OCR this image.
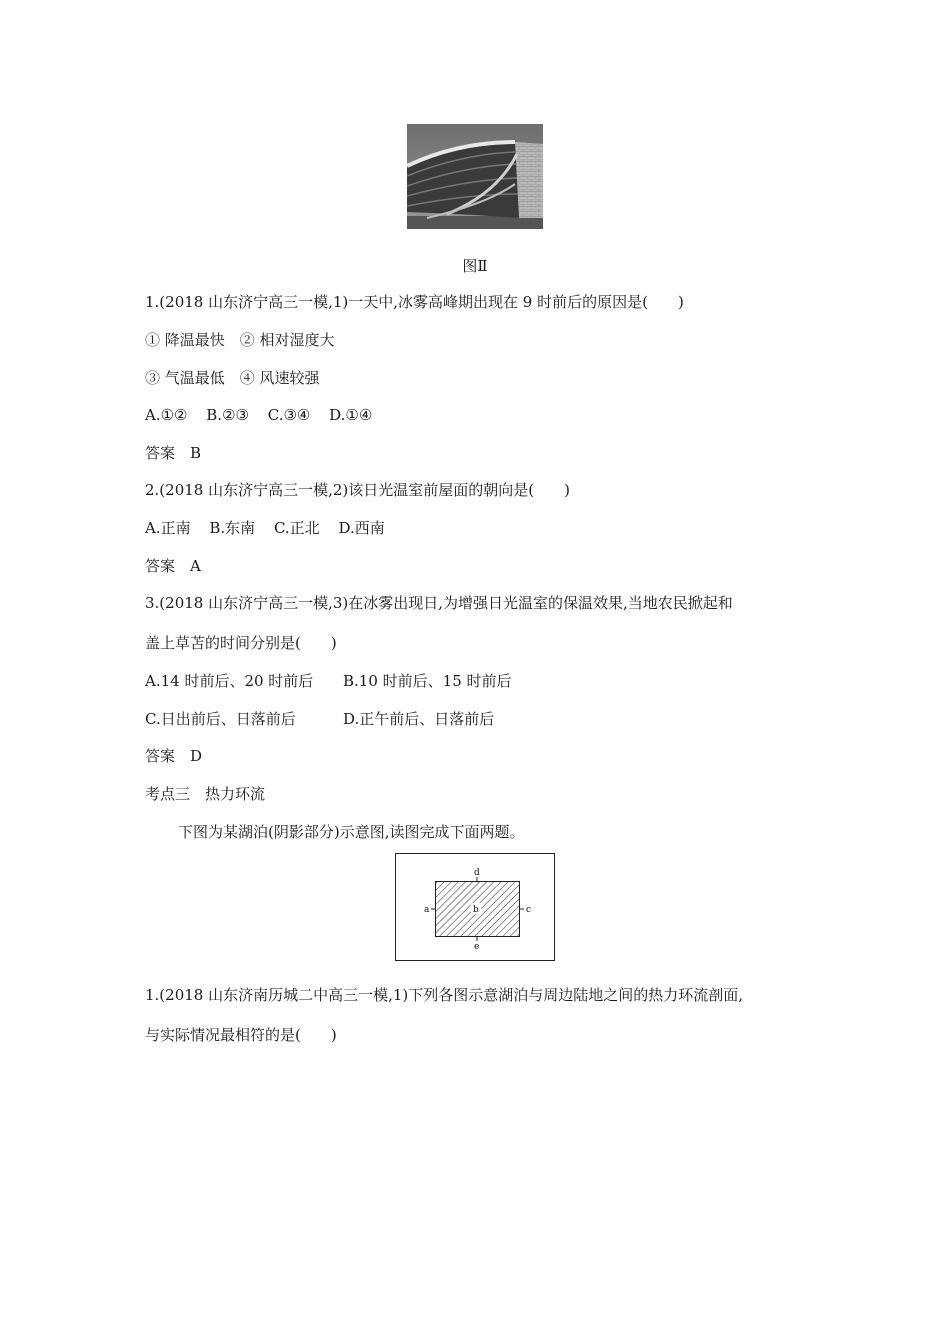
图Ⅱ
1.(2018 山东济宁高三一模,1)一天中,冰雾高峰期出现在 9 时前后的原因是(　　)
① 降温最快　② 相对湿度大
③ 气温最低　④ 风速较强
A.①② B.②③ C.③④ D.①④
答案　B
2.(2018 山东济宁高三一模,2)该日光温室前屋面的朝向是(　　)
A.正南 B.东南 C.正北 D.西南
答案　A
3.(2018 山东济宁高三一模,3)在冰雾出现日,为增强日光温室的保温效果,当地农民掀起和
盖上草苫的时间分别是(　　)
A.14 时前后、20 时前后 B.10 时前后、15 时前后
C.日出前后、日落前后	D.正午前后、日落前后
答案　D
考点三　热力环流
下图为某湖泊(阴影部分)示意图,读图完成下面两题。
d
b
a	c
e
1.(2018 山东济南历城二中高三一模,1)下列各图示意湖泊与周边陆地之间的热力环流剖面,
与实际情况最相符的是(　　)
